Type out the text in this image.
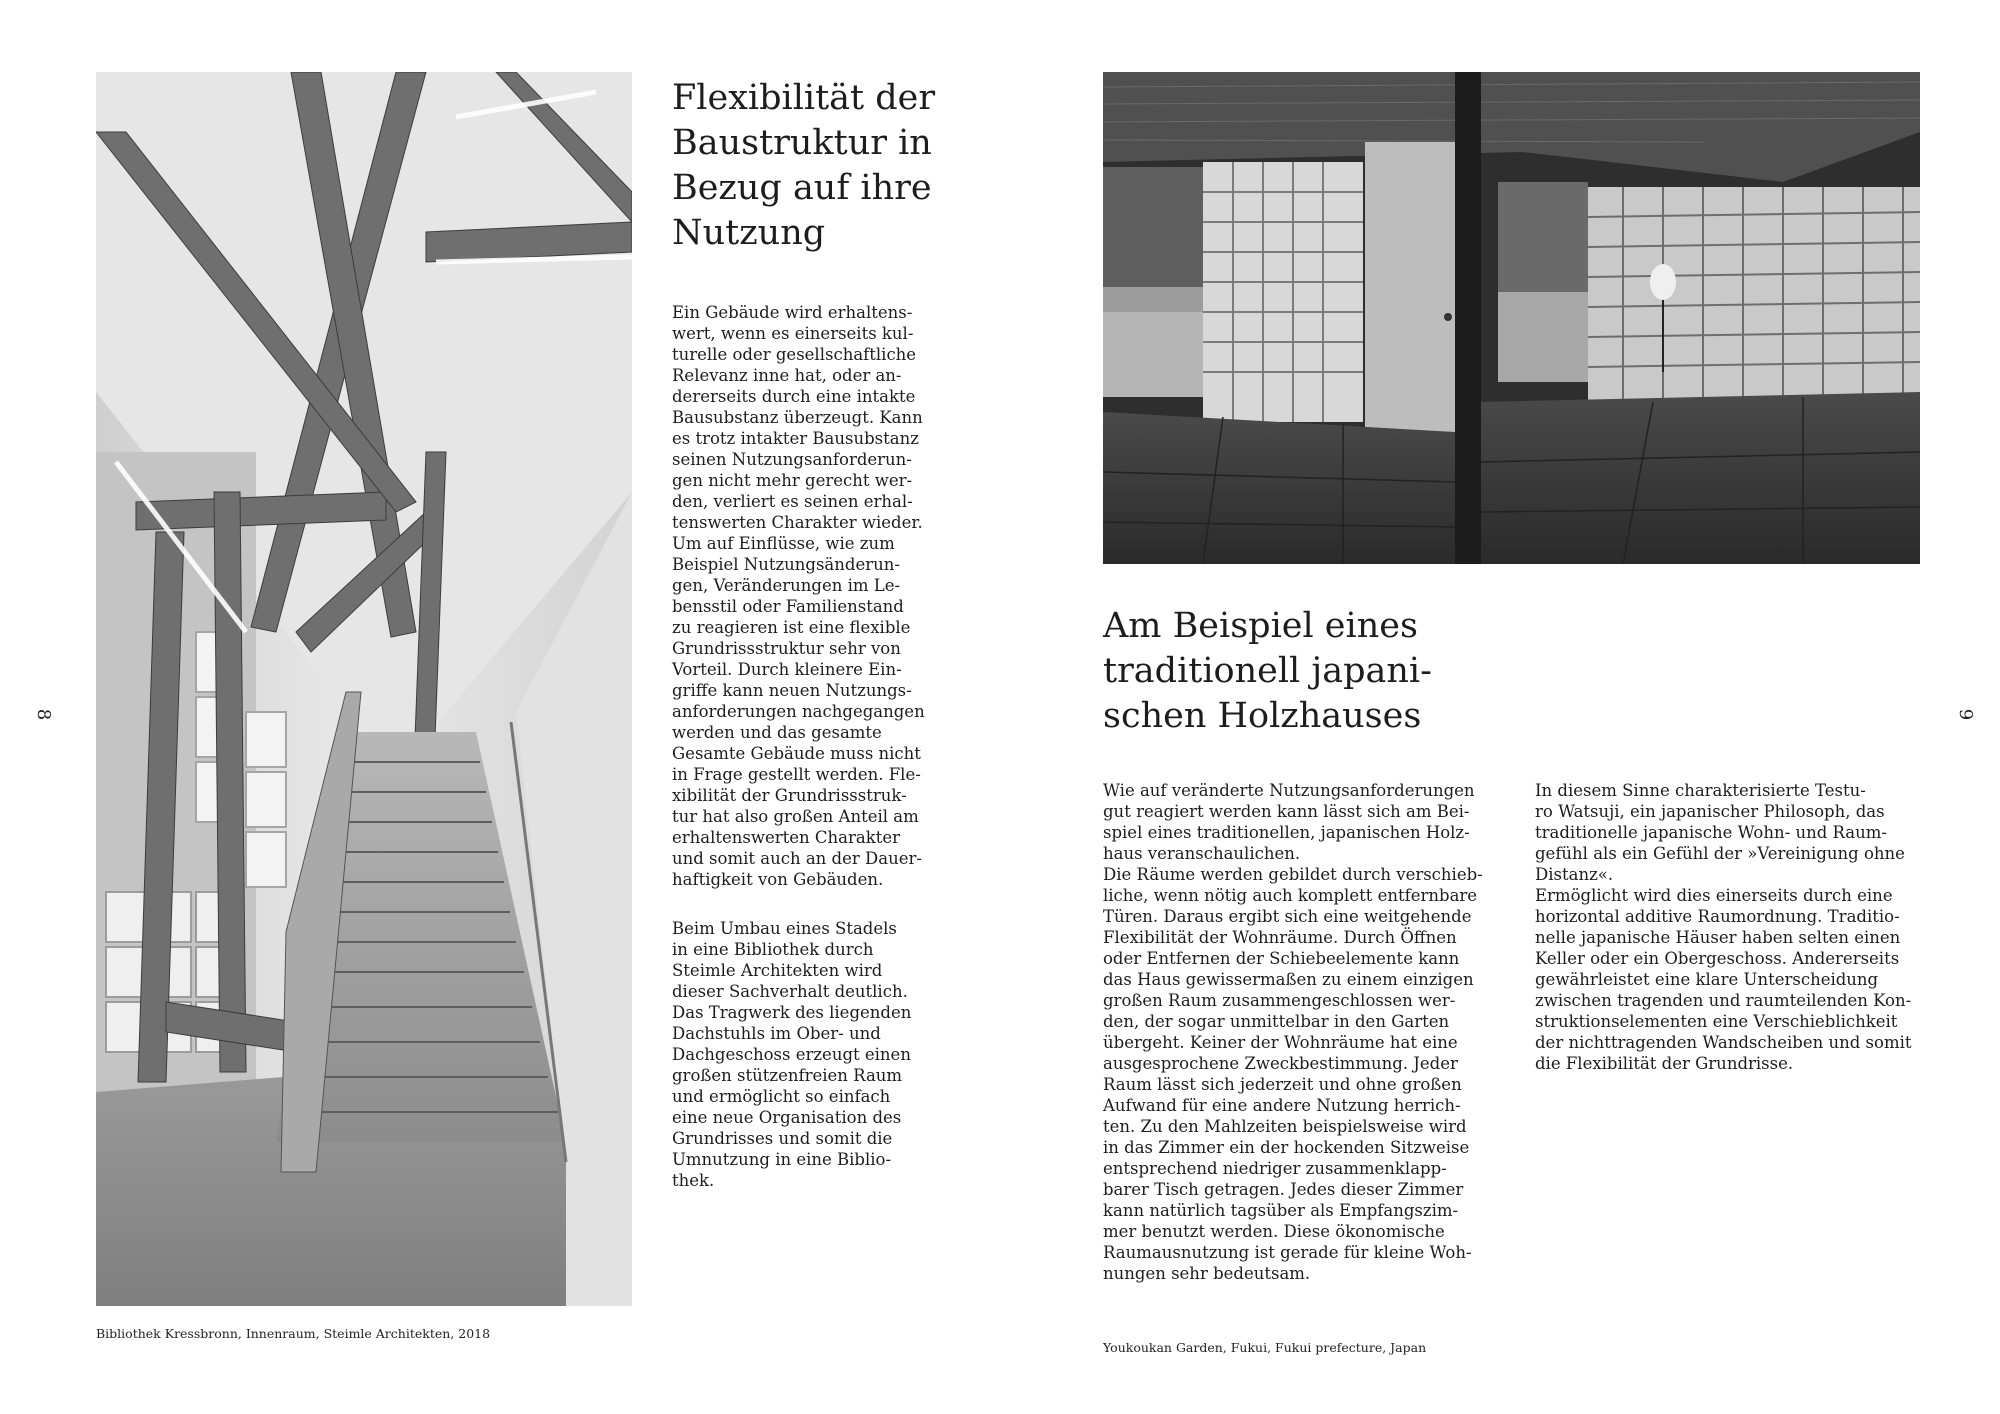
Flexibilität der
Baustruktur in
Bezug auf ihre
Nutzung

Ein Gebäude wird erhaltens-
wert, wenn es einerseits kul-
turelle oder gesellschaftliche
Relevanz inne hat, oder an-
dererseits durch eine intakte
Bausubstanz überzeugt. Kann
es trotz intakter Bausubstanz
seinen Nutzungsanforderun-
gen nicht mehr gerecht wer-
den, verliert es seinen erhal-
tenswerten Charakter wieder.
Um auf Einflüsse, wie zum
Beispiel Nutzungsänderun-
gen, Veränderungen im Le-
bensstil oder Familienstand
zu reagieren ist eine flexible
Grundrissstruktur sehr von
Vorteil. Durch kleinere Ein-
griffe kann neuen Nutzungs-
anforderungen nachgegangen
werden und das gesamte
Gesamte Gebäude muss nicht
in Frage gestellt werden. Fle-
xibilität der Grundrissstruk-
tur hat also großen Anteil am
erhaltenswerten Charakter
und somit auch an der Dauer-
haftigkeit von Gebäuden.

Beim Umbau eines Stadels
in eine Bibliothek durch
Steimle Architekten wird
dieser Sachverhalt deutlich.
Das Tragwerk des liegenden
Dachstuhls im Ober- und
Dachgeschoss erzeugt einen
großen stützenfreien Raum
und ermöglicht so einfach
eine neue Organisation des
Grundrisses und somit die
Umnutzung in eine Biblio-
thek.

Bibliothek Kressbronn, Innenraum, Steimle Architekten, 2018
8
Am Beispiel eines
traditionell japani-
schen Holzhauses

Wie auf veränderte Nutzungsanforderungen
gut reagiert werden kann lässt sich am Bei-
spiel eines traditionellen, japanischen Holz-
haus veranschaulichen.
Die Räume werden gebildet durch verschieb-
liche, wenn nötig auch komplett entfernbare
Türen. Daraus ergibt sich eine weitgehende
Flexibilität der Wohnräume. Durch Öffnen
oder Entfernen der Schiebeelemente kann
das Haus gewissermaßen zu einem einzigen
großen Raum zusammengeschlossen wer-
den, der sogar unmittelbar in den Garten
übergeht. Keiner der Wohnräume hat eine
ausgesprochene Zweckbestimmung. Jeder
Raum lässt sich jederzeit und ohne großen
Aufwand für eine andere Nutzung herrich-
ten. Zu den Mahlzeiten beispielsweise wird
in das Zimmer ein der hockenden Sitzweise
entsprechend niedriger zusammenklapp-
barer Tisch getragen. Jedes dieser Zimmer
kann natürlich tagsüber als Empfangszim-
mer benutzt werden. Diese ökonomische
Raumausnutzung ist gerade für kleine Woh-
nungen sehr bedeutsam.

In diesem Sinne charakterisierte Testu-
ro Watsuji, ein japanischer Philosoph, das
traditionelle japanische Wohn- und Raum-
gefühl als ein Gefühl der »Vereinigung ohne
Distanz«.
Ermöglicht wird dies einerseits durch eine
horizontal additive Raumordnung. Traditio-
nelle japanische Häuser haben selten einen
Keller oder ein Obergeschoss. Andererseits
gewährleistet eine klare Unterscheidung
zwischen tragenden und raumteilenden Kon-
struktionselementen eine Verschieblichkeit
der nichttragenden Wandscheiben und somit
die Flexibilität der Grundrisse.

Youkoukan Garden, Fukui, Fukui prefecture, Japan
9
